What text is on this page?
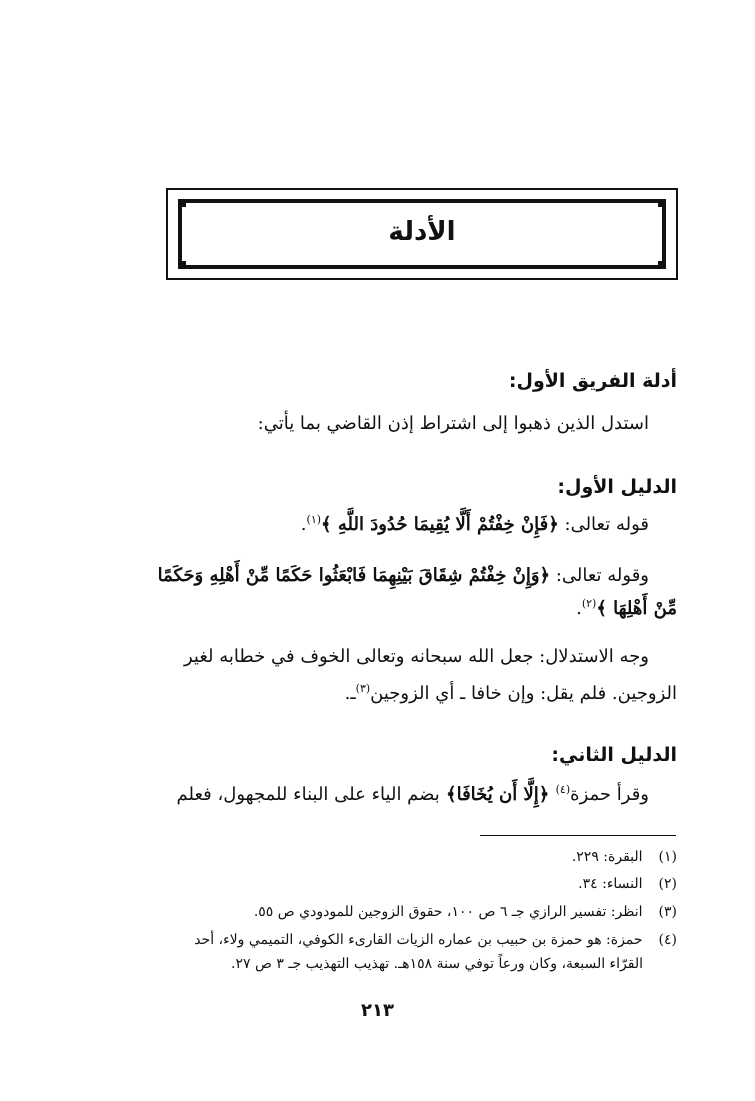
الأدلة
أدلة الفريق الأول:
استدل الذين ذهبوا إلى اشتراط إذن القاضي بما يأتي:
الدليل الأول:
قوله تعالى: ﴿فَإِنْ خِفْتُمْ أَلَّا يُقِيمَا حُدُودَ اللَّهِ ﴾$^{(١)}$.
وقوله تعالى: ﴿وَإِنْ خِفْتُمْ شِقَاقَ بَيْنِهِمَا فَابْعَثُوا حَكَمًا مِّنْ أَهْلِهِ وَحَكَمًا
مِّنْ أَهْلِهَا ﴾$^{(٢)}$.
وجه الاستدلال: جعل الله سبحانه وتعالى الخوف في خطابه لغير
الزوجين. فلم يقل: وإن خافا ـ أي الزوجين$^{(٣)}$ـ.
الدليل الثاني:
وقرأ حمزة$^{(٤)}$ ﴿إِلَّا أَن يُخَافَا﴾ بضم الياء على البناء للمجهول، فعلم
(١) البقرة: ٢٢٩.
(٢) النساء: ٣٤.
(٣) انظر: تفسير الرازي جـ ٦ ص ١٠٠، حقوق الزوجين للمودودي ص ٥٥.
(٤) حمزة: هو حمزة بن حبيب بن عماره الزيات القارىء الكوفي، التميمي ولاء، أحد
القرّاء السبعة، وكان ورعاً توفي سنة ١٥٨هـ. تهذيب التهذيب جـ ٣ ص ٢٧.
٢١٣
